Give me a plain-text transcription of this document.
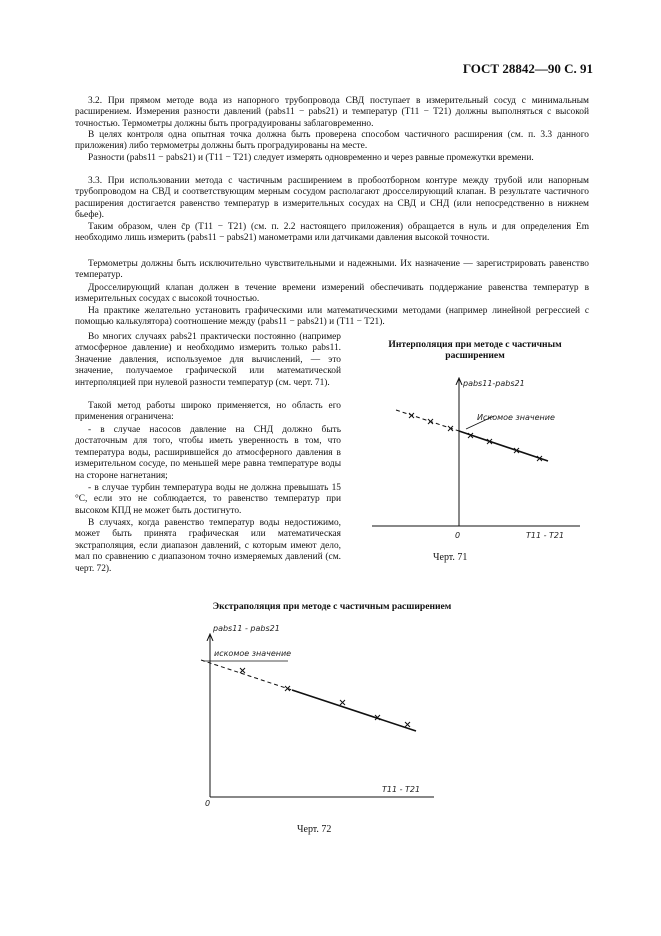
ГОСТ 28842—90 С. 91

3.2. При прямом методе вода из напорного трубопровода СВД поступает в измерительный сосуд с минимальным расширением. Измерения разности давлений (pabs11 − pabs21) и температур (T11 − T21) должны выполняться с высокой точностью. Термометры должны быть проградуированы заблаговременно.

В целях контроля одна опытная точка должна быть проверена способом частичного расширения (см. п. 3.3 данного приложения) либо термометры должны быть проградуированы на месте.

Разности (pabs11 − pabs21) и (T11 − T21) следует измерять одновременно и через равные промежутки времени.

3.3. При использовании метода с частичным расширением в пробоотборном контуре между трубой или напорным трубопроводом на СВД и соответствующим мерным сосудом располагают дросселирующий клапан. В результате частичного расширения достигается равенство температур в измерительных сосудах на СВД и СНД (или непосредственно в нижнем бьефе).

Таким образом, член c̄p (T11 − T21) (см. п. 2.2 настоящего приложения) обращается в нуль и для определения Em необходимо лишь измерить (pabs11 − pabs21) манометрами или датчиками давления высокой точности.

Термометры должны быть исключительно чувствительными и надежными. Их назначение — зарегистрировать равенство температур.

Дросселирующий клапан должен в течение времени измерений обеспечивать поддержание равенства температур в измерительных сосудах с высокой точностью.

На практике желательно установить графическими или математическими методами (например линейной регрессией с помощью калькулятора) соотношение между (pabs11 − pabs21) и (T11 − T21).

Во многих случаях pabs21 практически постоянно (например атмосферное давление) и необходимо измерить только pabs11. Значение давления, используемое для вычислений, — это значение, получаемое графической или математической интерполяцией при нулевой разности температур (см. черт. 71).

Такой метод работы широко применяется, но область его применения ограничена:

- в случае насосов давление на СНД должно быть достаточным для того, чтобы иметь уверенность в том, что температура воды, расширившейся до атмосферного давления в измерительном сосуде, по меньшей мере равна температуре воды на стороне нагнетания;

- в случае турбин температура воды не должна превышать 15 °С, если это не соблюдается, то равенство температур при высоком КПД не может быть достигнуто.

В случаях, когда равенство температур воды недостижимо, может быть принята графическая или математическая экстраполяция, если диапазон давлений, с которым имеют дело, мал по сравнению с диапазоном точно измеряемых давлений (см. черт. 72).

Интерполяция при методе с частичным расширением
pabs11-pabs21
Искомое значение
0	T11 - T21
pabs11 - pabs21
искомое значение
0
T11 - T21
Черт. 71
Экстраполяция при методе с частичным расширением
Черт. 72
